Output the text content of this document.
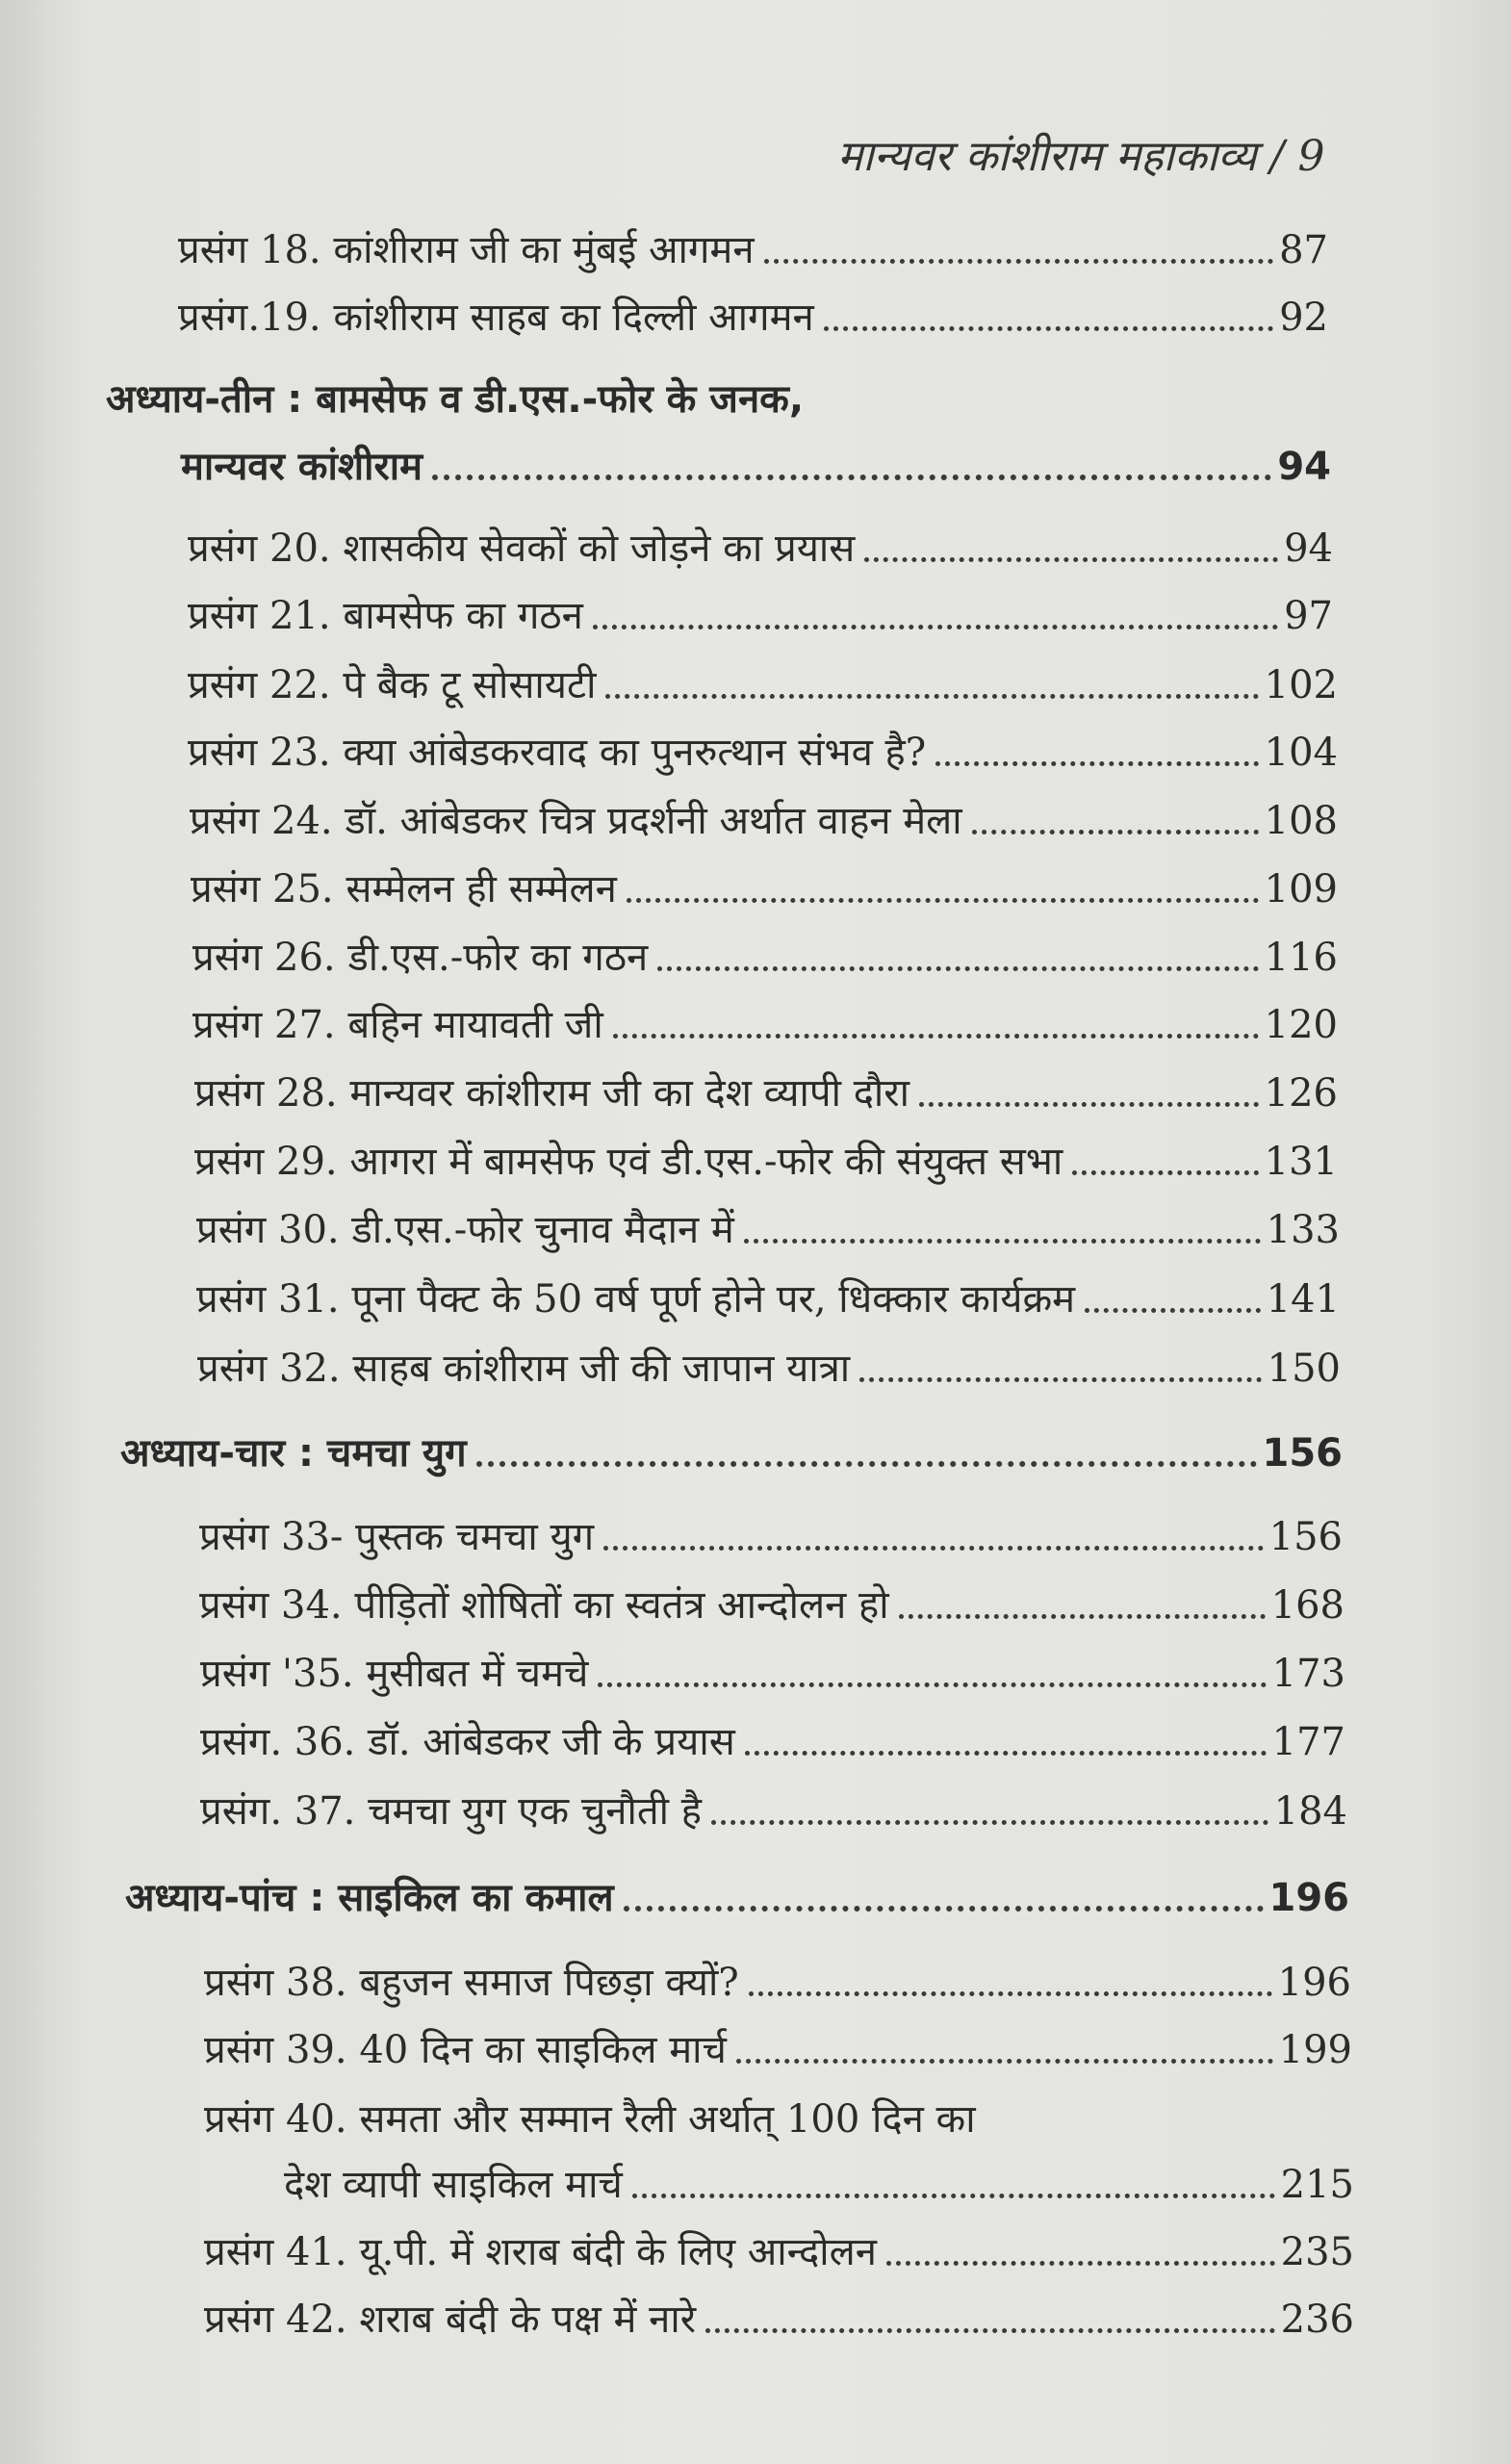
मान्यवर कांशीराम महाकाव्य / 9
प्रसंग 18. कांशीराम जी का मुंबई आगमन	87
प्रसंग.19. कांशीराम साहब का दिल्ली आगमन	92
अध्याय-तीन : बामसेफ व डी.एस.-फोर के जनक,
मान्यवर कांशीराम	94
प्रसंग 20. शासकीय सेवकों को जोड़ने का प्रयास	94
प्रसंग 21. बामसेफ का गठन	97
प्रसंग 22. पे बैक टू सोसायटी	102
प्रसंग 23. क्या आंबेडकरवाद का पुनरुत्थान संभव है?	104
प्रसंग 24. डॉ. आंबेडकर चित्र प्रदर्शनी अर्थात वाहन मेला	108
प्रसंग 25. सम्मेलन ही सम्मेलन	109
प्रसंग 26. डी.एस.-फोर का गठन	116
प्रसंग 27. बहिन मायावती जी	120
प्रसंग 28. मान्यवर कांशीराम जी का देश व्यापी दौरा	126
प्रसंग 29. आगरा में बामसेफ एवं डी.एस.-फोर की संयुक्त सभा	131
प्रसंग 30. डी.एस.-फोर चुनाव मैदान में	133
प्रसंग 31. पूना पैक्ट के 50 वर्ष पूर्ण होने पर, धिक्कार कार्यक्रम	141
प्रसंग 32. साहब कांशीराम जी की जापान यात्रा	150
अध्याय-चार : चमचा युग	156
प्रसंग 33- पुस्तक चमचा युग	156
प्रसंग 34. पीड़ितों शोषितों का स्वतंत्र आन्दोलन हो	168
प्रसंग '35. मुसीबत में चमचे	173
प्रसंग. 36. डॉ. आंबेडकर जी के प्रयास	177
प्रसंग. 37. चमचा युग एक चुनौती है	184
अध्याय-पांच : साइकिल का कमाल	196
प्रसंग 38. बहुजन समाज पिछड़ा क्यों?	196
प्रसंग 39. 40 दिन का साइकिल मार्च	199
प्रसंग 40. समता और सम्मान रैली अर्थात् 100 दिन का
देश व्यापी साइकिल मार्च	215
प्रसंग 41. यू.पी. में शराब बंदी के लिए आन्दोलन	235
प्रसंग 42. शराब बंदी के पक्ष में नारे	236
